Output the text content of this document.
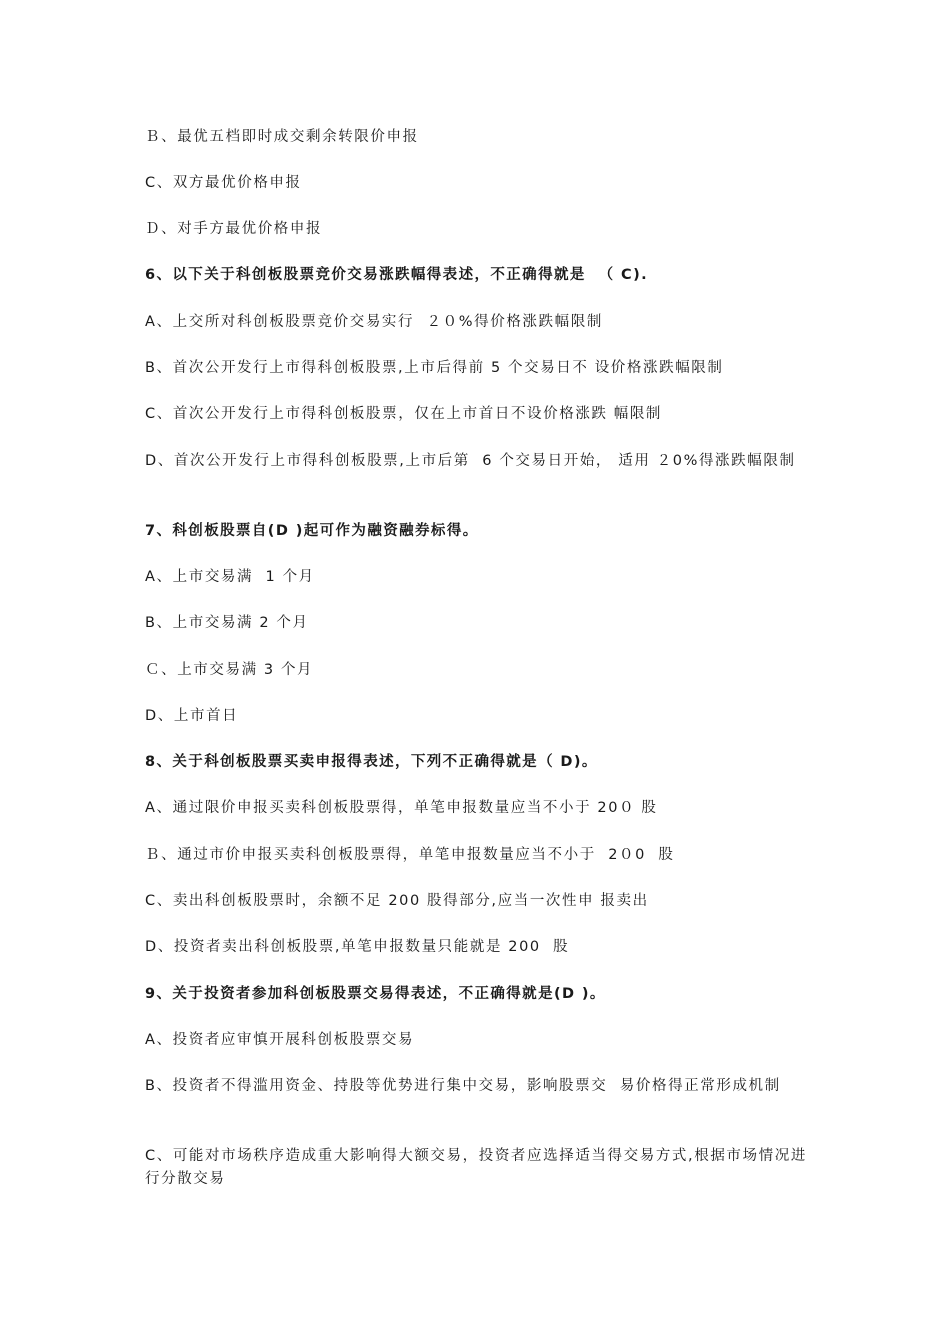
Ｂ、最优五档即时成交剩余转限价申报
C、双方最优价格申报
Ｄ、对手方最优价格申报
6、以下关于科创板股票竞价交易涨跌幅得表述，不正确得就是  （ C).
A、上交所对科创板股票竞价交易实行  ２０%得价格涨跌幅限制
B、首次公开发行上市得科创板股票,上市后得前 5 个交易日不 设价格涨跌幅限制
C、首次公开发行上市得科创板股票，仅在上市首日不设价格涨跌 幅限制
D、首次公开发行上市得科创板股票,上市后第  6 个交易日开始， 适用 ２0%得涨跌幅限制
7、科创板股票自(D )起可作为融资融券标得。
A、上市交易满  1 个月
B、上市交易满 2 个月
Ｃ、上市交易满 3 个月
D、上市首日
8、关于科创板股票买卖申报得表述，下列不正确得就是（ D)。
A、通过限价申报买卖科创板股票得，单笔申报数量应当不小于 20０ 股
Ｂ、通过市价申报买卖科创板股票得，单笔申报数量应当不小于  2０0  股
C、卖出科创板股票时，余额不足 200 股得部分,应当一次性申 报卖出
D、投资者卖出科创板股票,单笔申报数量只能就是 200  股
9、关于投资者参加科创板股票交易得表述，不正确得就是(D )。
A、投资者应审慎开展科创板股票交易
B、投资者不得滥用资金、持股等优势进行集中交易，影响股票交  易价格得正常形成机制
C、可能对市场秩序造成重大影响得大额交易，投资者应选择适当得交易方式,根据市场情况进行分散交易
